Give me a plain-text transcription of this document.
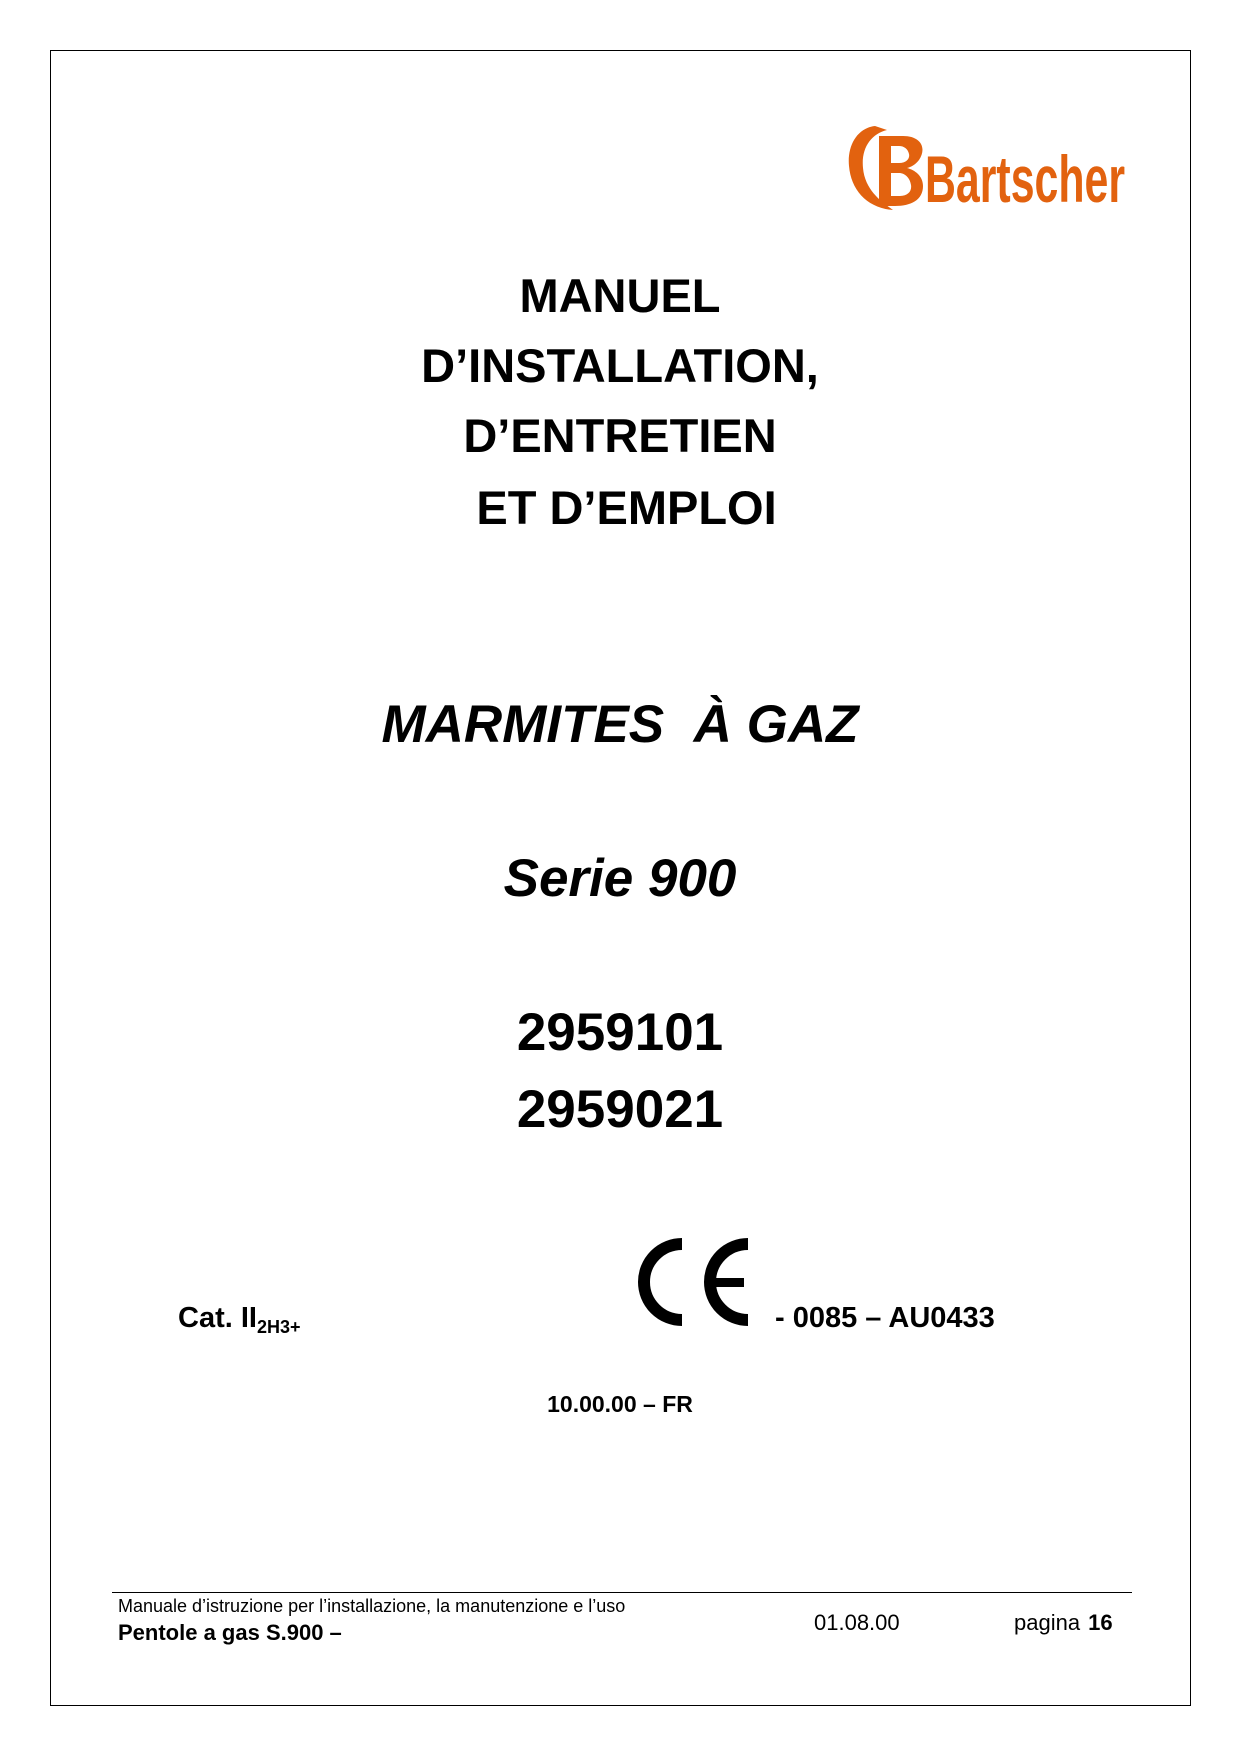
Bartscher
MANUEL
D’INSTALLATION,
D’ENTRETIEN
ET D’EMPLOI
MARMITES  À GAZ
Serie 900
2959101
2959021
Cat. $II_{2H3+}$	- 0085 – AU0433
10.00.00 – FR
Manuale d’istruzione per l’installazione, la manutenzione e l’uso
Pentole a gas S.900 –	01.08.00	pagina 16
